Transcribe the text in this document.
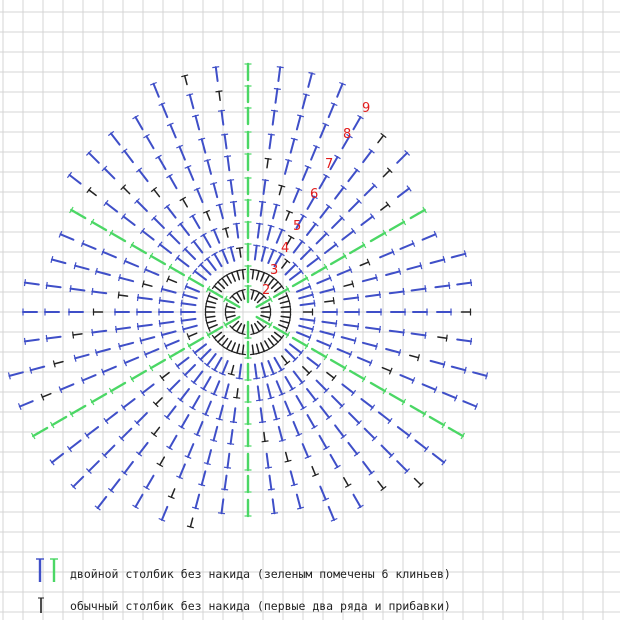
2
3
4
5
6
7
8
9
двойной столбик без накида (зеленым помечены 6 клиньев)
обычный столбик без накида (первые два ряда и прибавки)
